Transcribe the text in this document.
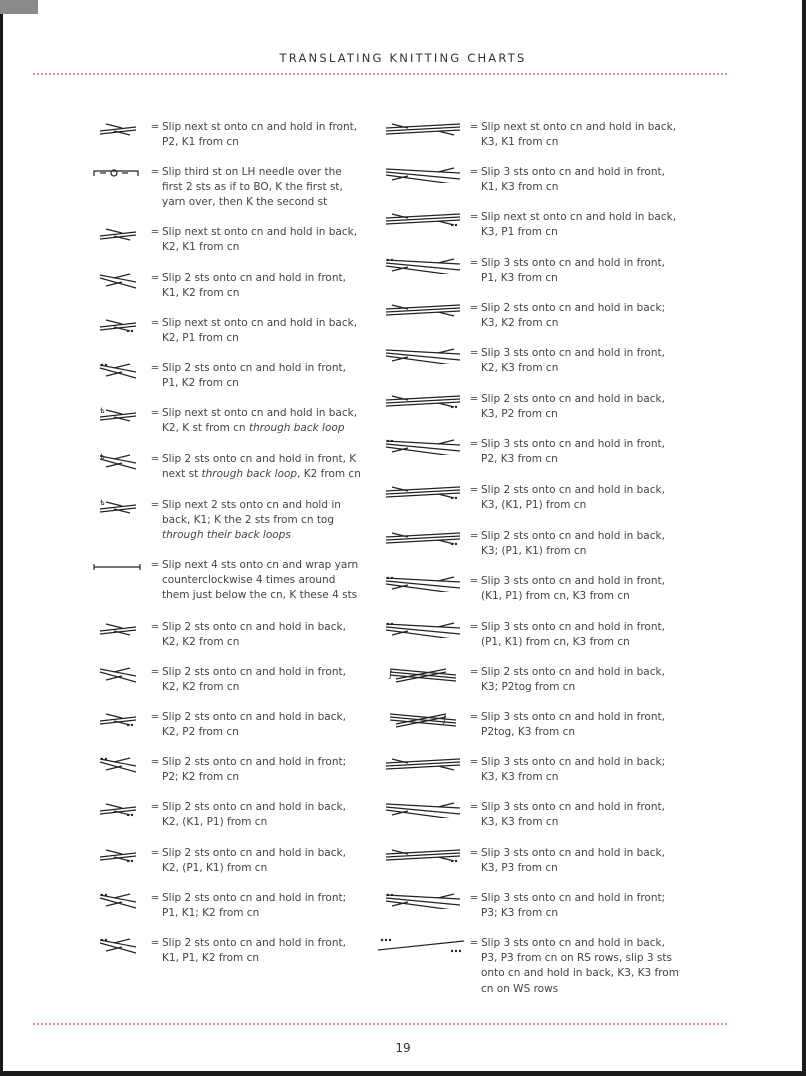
TRANSLATING KNITTING CHARTS
= Slip next st onto cn and hold in front,
P2, K1 from cn
= Slip third st on LH needle over the
first 2 sts as if to BO, K the first st,
yarn over, then K the second st
= Slip next st onto cn and hold in back,
K2, K1 from cn
= Slip 2 sts onto cn and hold in front,
K1, K2 from cn
= Slip next st onto cn and hold in back,
K2, P1 from cn
= Slip 2 sts onto cn and hold in front,
P1, K2 from cn
ѣ	= Slip next st onto cn and hold in back,
K2, K st from cn through back loop
ѣ	= Slip 2 sts onto cn and hold in front, K
next st through back loop, K2 from cn
ѣ	= Slip next 2 sts onto cn and hold in
back, K1; K the 2 sts from cn tog
through their back loops
= Slip next 4 sts onto cn and wrap yarn
counterclockwise 4 times around
them just below the cn, K these 4 sts
= Slip 2 sts onto cn and hold in back,
K2, K2 from cn
= Slip 2 sts onto cn and hold in front,
K2, K2 from cn
= Slip 2 sts onto cn and hold in back,
K2, P2 from cn
= Slip 2 sts onto cn and hold in front;
P2; K2 from cn
= Slip 2 sts onto cn and hold in back,
K2, (K1, P1) from cn
= Slip 2 sts onto cn and hold in back,
K2, (P1, K1) from cn
= Slip 2 sts onto cn and hold in front;
P1, K1; K2 from cn
= Slip 2 sts onto cn and hold in front,
K1, P1, K2 from cn
= Slip next st onto cn and hold in back,
K3, K1 from cn
= Slip 3 sts onto cn and hold in front,
K1, K3 from cn
= Slip next st onto cn and hold in back,
K3, P1 from cn
= Slip 3 sts onto cn and hold in front,
P1, K3 from cn
= Slip 2 sts onto cn and hold in back;
K3, K2 from cn
= Slip 3 sts onto cn and hold in front,
K2, K3 from cn
= Slip 2 sts onto cn and hold in back,
K3, P2 from cn
= Slip 3 sts onto cn and hold in front,
P2, K3 from cn
= Slip 2 sts onto cn and hold in back,
K3, (K1, P1) from cn
= Slip 2 sts onto cn and hold in back,
K3; (P1, K1) from cn
= Slip 3 sts onto cn and hold in front,
(K1, P1) from cn, K3 from cn
= Slip 3 sts onto cn and hold in front,
(P1, K1) from cn, K3 from cn
∫	= Slip 2 sts onto cn and hold in back,
K3; P2tog from cn
∫ = Slip 3 sts onto cn and hold in front,
P2tog, K3 from cn
= Slip 3 sts onto cn and hold in back;
K3, K3 from cn
= Slip 3 sts onto cn and hold in front,
K3, K3 from cn
= Slip 3 sts onto cn and hold in back,
K3, P3 from cn
= Slip 3 sts onto cn and hold in front;
P3; K3 from cn
= Slip 3 sts onto cn and hold in back,
P3, P3 from cn on RS rows, slip 3 sts
onto cn and hold in back, K3, K3 from
cn on WS rows
19
